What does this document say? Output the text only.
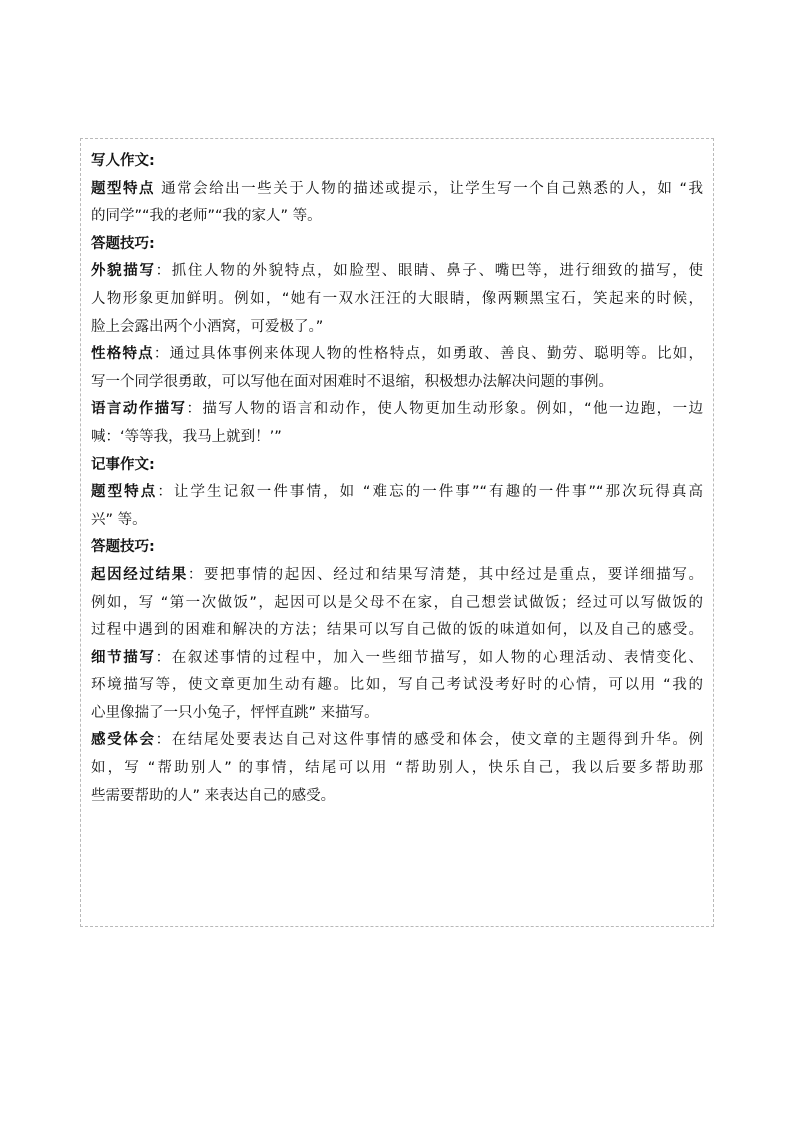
写人作文:
题型特点 通常会给出一些关于人物的描述或提示，让学生写一个自己熟悉的人，如 “我
的同学”“我的老师”“我的家人” 等。
答题技巧:
外貌描写：抓住人物的外貌特点，如脸型、眼睛、鼻子、嘴巴等，进行细致的描写，使
人物形象更加鲜明。例如，“她有一双水汪汪的大眼睛，像两颗黑宝石，笑起来的时候，
脸上会露出两个小酒窝，可爱极了。”
性格特点：通过具体事例来体现人物的性格特点，如勇敢、善良、勤劳、聪明等。比如，
写一个同学很勇敢，可以写他在面对困难时不退缩，积极想办法解决问题的事例。
语言动作描写：描写人物的语言和动作，使人物更加生动形象。例如，“他一边跑，一边
喊：‘等等我，我马上就到！’”
记事作文:
题型特点：让学生记叙一件事情，如 “难忘的一件事”“有趣的一件事”“那次玩得真高
兴” 等。
答题技巧:
起因经过结果：要把事情的起因、经过和结果写清楚，其中经过是重点，要详细描写。
例如，写 “第一次做饭”，起因可以是父母不在家，自己想尝试做饭；经过可以写做饭的
过程中遇到的困难和解决的方法；结果可以写自己做的饭的味道如何，以及自己的感受。
细节描写：在叙述事情的过程中，加入一些细节描写，如人物的心理活动、表情变化、
环境描写等，使文章更加生动有趣。比如，写自己考试没考好时的心情，可以用 “我的
心里像揣了一只小兔子，怦怦直跳” 来描写。
感受体会：在结尾处要表达自己对这件事情的感受和体会，使文章的主题得到升华。例
如，写 “帮助别人” 的事情，结尾可以用 “帮助别人，快乐自己，我以后要多帮助那
些需要帮助的人” 来表达自己的感受。
